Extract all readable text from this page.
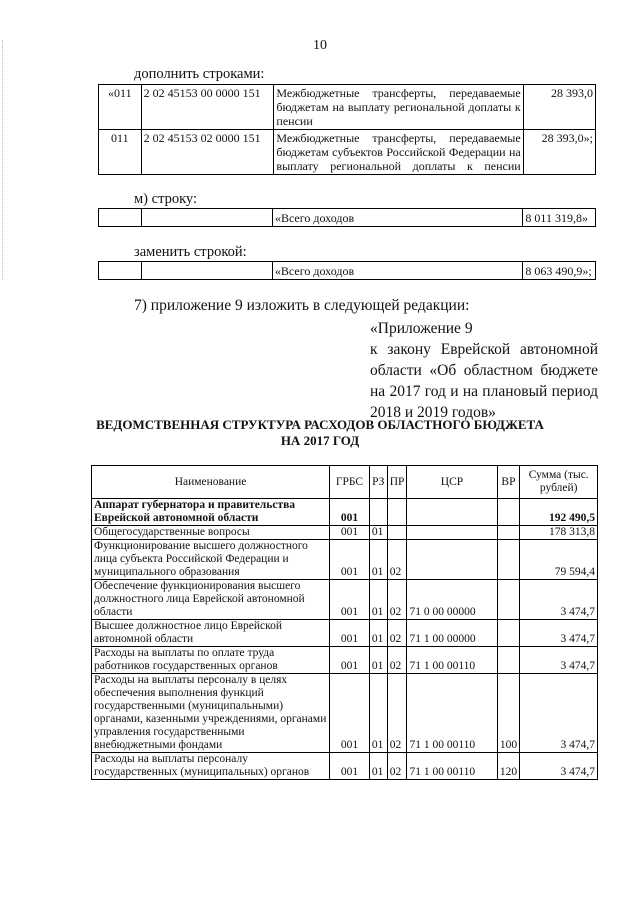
10
дополнить строками:
«011	2 02 45153 00 0000 151	Межбюджетные трансферты, передаваемые бюджетам на выплату региональной доплаты к пенсии	28 393,0
011	2 02 45153 02 0000 151	Межбюджетные трансферты, передаваемые бюджетам субъектов Российской Федерации на выплату региональной доплаты к пенсии	28 393,0»;
м) строку:
		«Всего доходов	8 011 319,8»
заменить строкой:
		«Всего доходов	8 063 490,9»;
7) приложение 9 изложить в следующей редакции:
«Приложение 9
к закону Еврейской автономной
области «Об областном бюджете
на 2017 год и на плановый период
2018 и 2019 годов»
ВЕДОМСТВЕННАЯ СТРУКТУРА РАСХОДОВ ОБЛАСТНОГО БЮДЖЕТА
НА 2017 ГОД
Наименование	ГРБС	РЗ	ПР	ЦСР	ВР	Сумма (тыс. рублей)
Аппарат губернатора и правительства Еврейской автономной области	001					192 490,5
Общегосударственные вопросы	001	01				178 313,8
Функционирование высшего должностного лица субъекта Российской Федерации и муниципального образования	001	01	02			79 594,4
Обеспечение функционирования высшего должностного лица Еврейской автономной области	001	01	02	71 0 00 00000		3 474,7
Высшее должностное лицо Еврейской автономной области	001	01	02	71 1 00 00000		3 474,7
Расходы на выплаты по оплате труда работников государственных органов	001	01	02	71 1 00 00110		3 474,7
Расходы на выплаты персоналу в целях обеспечения выполнения функций государственными (муниципальными) органами, казенными учреждениями, органами управления государственными внебюджетными фондами	001	01	02	71 1 00 00110	100	3 474,7
Расходы на выплаты персоналу государственных (муниципальных) органов	001	01	02	71 1 00 00110	120	3 474,7
